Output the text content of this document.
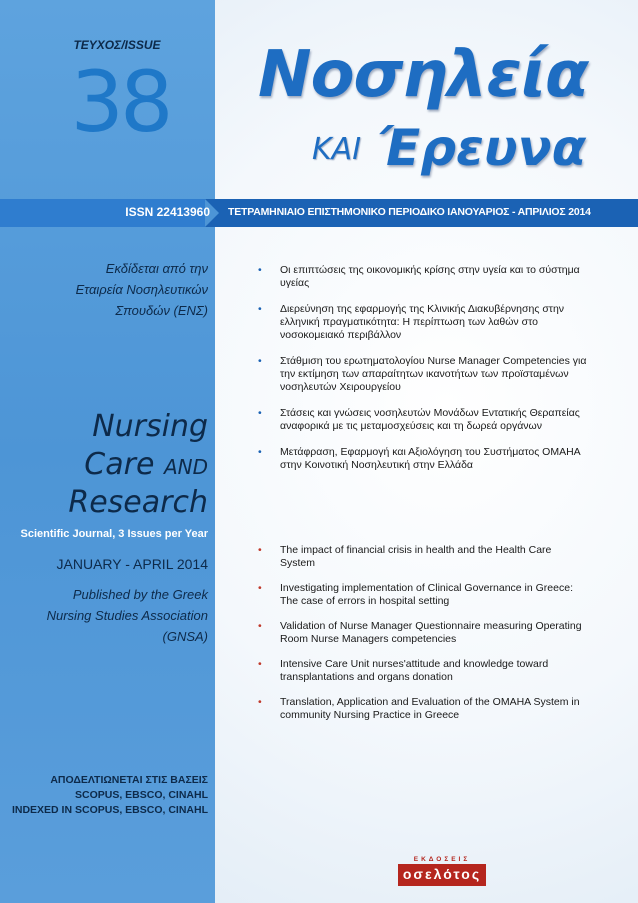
ΤΕΥΧΟΣ/ISSUE
38 Νοσηλεία
ΚΑΙ Έρευνα
ISSN 22413960 ΤΕΤΡΑΜΗΝΙΑΙΟ ΕΠΙΣΤΗΜΟΝΙΚΟ ΠΕΡΙΟΔΙΚΟ ΙΑΝΟΥΑΡΙΟΣ - ΑΠΡΙΛΙΟΣ 2014
Εκδίδεται από την
Εταιρεία Νοσηλευτικών
Σπουδών (ΕΝΣ)
Nursing
Care AND
Research
Scientific Journal, 3 Issues per Year
JANUARY - APRIL 2014
Published by the Greek
Nursing Studies Association
(GNSA)
ΑΠΟΔΕΛΤΙΩΝΕΤΑΙ ΣΤΙΣ ΒΑΣΕΙΣ
SCOPUS, EBSCO, CINAHL
INDEXED IN SCOPUS, EBSCO, CINAHL
• Οι επιπτώσεις της οικονομικής κρίσης στην υγεία και το σύστημα υγείας
• Διερεύνηση της εφαρμογής της Κλινικής Διακυβέρνησης στην ελληνική πραγματικότητα: Η περίπτωση των λαθών στο νοσοκομειακό περιβάλλον
• Στάθμιση του ερωτηματολογίου Nurse Manager Competencies για την εκτίμηση των απαραίτητων ικανοτήτων των προϊσταμένων νοσηλευτών Χειρουργείου
• Στάσεις και γνώσεις νοσηλευτών Μονάδων Εντατικής Θεραπείας αναφορικά με τις μεταμοσχεύσεις και τη δωρεά οργάνων
• Μετάφραση, Εφαρμογή και Αξιολόγηση του Συστήματος OMAHA στην Κοινοτική Νοσηλευτική στην Ελλάδα
• The impact of financial crisis in health and the Health Care System
• Investigating implementation of Clinical Governance in Greece: The case of errors in hospital setting
• Validation of Nurse Manager Questionnaire measuring Operating Room Nurse Managers competencies
• Intensive Care Unit nurses'attitude and knowledge toward transplantations and organs donation
• Translation, Application and Evaluation of the OMAHA System in community Nursing Practice in Greece
ΕΚΔΟΣΕΙΣ
οσελότος
